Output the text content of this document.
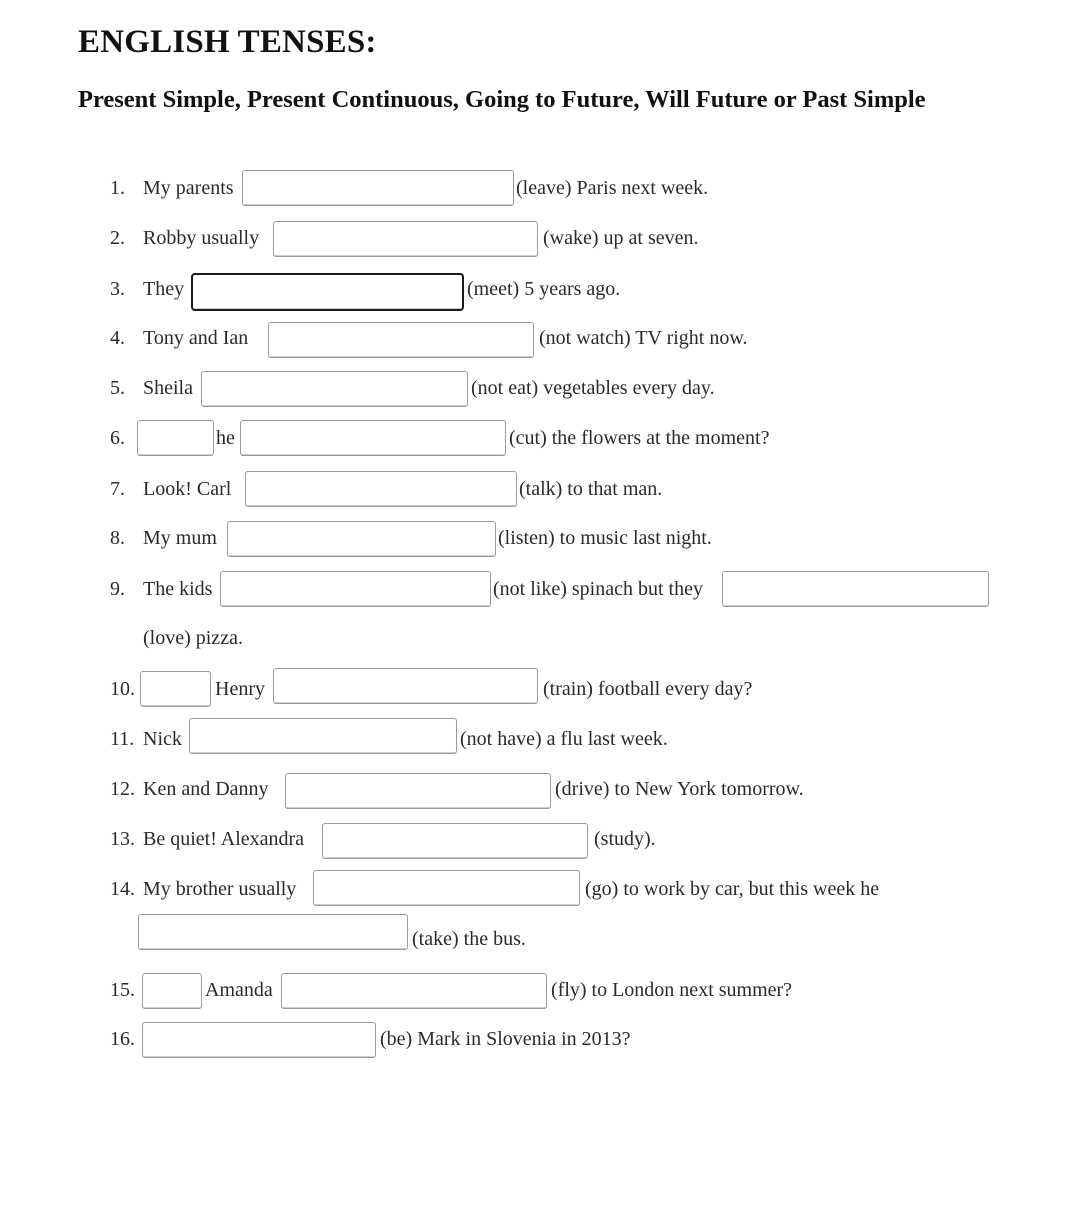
ENGLISH TENSES:
Present Simple, Present Continuous, Going to Future, Will Future or Past Simple
1. My parents	(leave) Paris next week.
2. Robby usually	(wake) up at seven.
3. They	(meet) 5 years ago.
4. Tony and Ian	(not watch) TV right now.
5. Sheila	(not eat) vegetables every day.
6.	he	(cut) the flowers at the moment?
7. Look! Carl	(talk) to that man.
8. My mum	(listen) to music last night.
9. The kids	(not like) spinach but they
(love) pizza.
10.	Henry	(train) football every day?
11. Nick	(not have) a flu last week.
12. Ken and Danny	(drive) to New York tomorrow.
13. Be quiet! Alexandra	(study).
14. My brother usually	(go) to work by car, but this week he
(take) the bus.
15.	Amanda	(fly) to London next summer?
16.	(be) Mark in Slovenia in 2013?
